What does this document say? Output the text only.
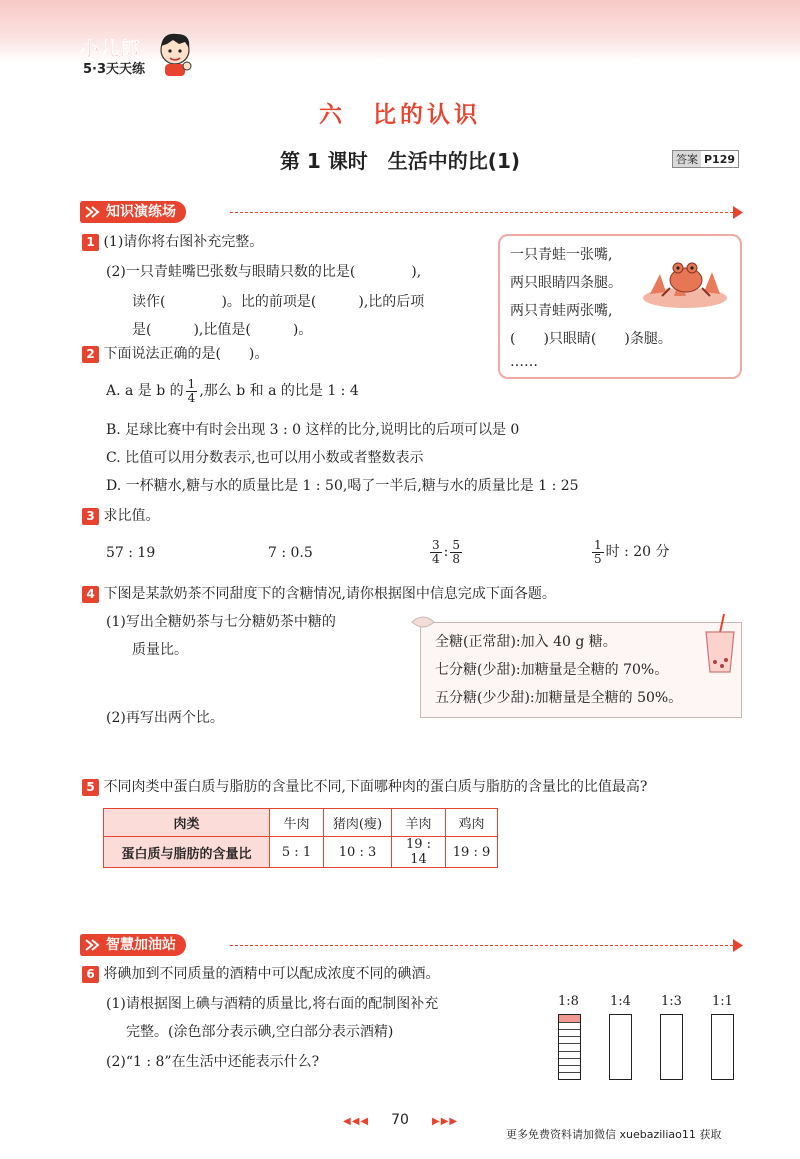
小儿郎
5·3天天练
六　比的认识
第 1 课时　生活中的比(1)	答案 P129
知识演练场
1 (1)请你将右图补充完整。
(2)一只青蛙嘴巴张数与眼睛只数的比是(　　　　),
读作(　　　　)。比的前项是(　　　),比的后项
是(　　　),比值是(　　　)。
一只青蛙一张嘴,
两只眼睛四条腿。
两只青蛙两张嘴,
(　　)只眼睛(　　)条腿。
……
2 下面说法正确的是(　　)。
A. a 是 b 的 $\frac{1}{4}$ ,那么 b 和 a 的比是 1 : 4
B. 足球比赛中有时会出现 3 : 0 这样的比分,说明比的后项可以是 0
C. 比值可以用分数表示,也可以用小数或者整数表示
D. 一杯糖水,糖与水的质量比是 1 : 50,喝了一半后,糖与水的质量比是 1 : 25
3 求比值。
57 : 19	7 : 0.5	$\frac{3}{4}$ : $\frac{5}{8}$	$\frac{1}{5}$ 时 : 20 分
4 下图是某款奶茶不同甜度下的含糖情况,请你根据图中信息完成下面各题。
(1)写出全糖奶茶与七分糖奶茶中糖的
质量比。
(2)再写出两个比。
全糖(正常甜):加入 40 g 糖。
七分糖(少甜):加糖量是全糖的 70%。
五分糖(少少甜):加糖量是全糖的 50%。
5 不同肉类中蛋白质与脂肪的含量比不同,下面哪种肉的蛋白质与脂肪的含量比的比值最高?
肉类	牛肉	猪肉(瘦)	羊肉	鸡肉
蛋白质与脂肪的含量比	5 : 1	10 : 3	19 : 14	19 : 9
智慧加油站
6 将碘加到不同质量的酒精中可以配成浓度不同的碘酒。
(1)请根据图上碘与酒精的质量比,将右面的配制图补充
完整。(涂色部分表示碘,空白部分表示酒精)
(2)“1 : 8”在生活中还能表示什么?
1:8 1:4 1:3 1:1
◀◀◀	70	▶▶▶
更多免费资料请加微信 xuebaziliao11 获取
